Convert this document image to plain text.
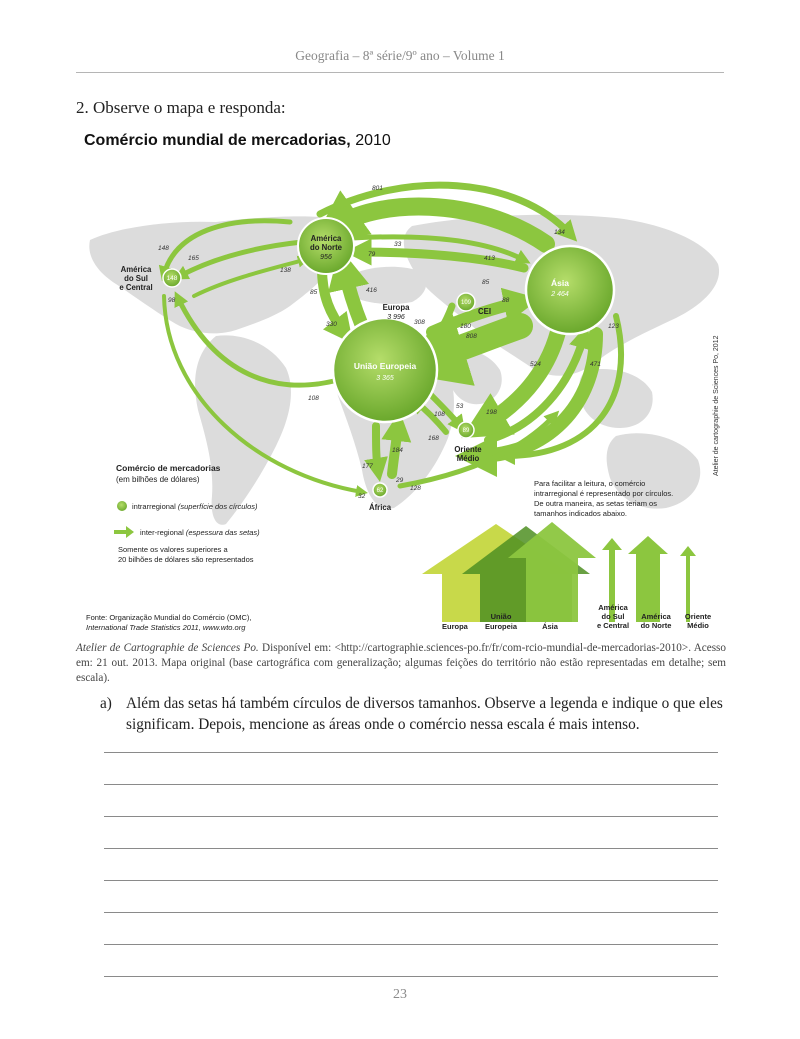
Geografia – 8ª série/9º ano – Volume 1
2. Observe o mapa e responda:
Comércio mundial de mercadorias, 2010
América
do Norte
956
América
do Sul
e Central
148
Europa
3 996
União Europeia
3 365
Ásia
2 464
CEI
109
Oriente
Médio
89
África
62
801
134
33
413
79
148
165
138
85
85
98
416
330	308
88
180
808
123
471
524
108
108
53
198
168
184
177
29
128
32
Atelier de cartographie de Sciences Po, 2012
Comércio de mercadorias
(em bilhões de dólares)
intrarregional (superfície dos círculos)
inter-regional (espessura das setas)
Somente os valores superiores a
20 bilhões de dólares são representados
Para facilitar a leitura, o comércio
intrarregional é representado por círculos.
De outra maneira, as setas teriam os
tamanhos indicados abaixo.
Europa
União
Europeia	Ásia
América
do Sul
e Central
América
do Norte
Oriente
Médio
Fonte: Organização Mundial do Comércio (OMC),
International Trade Statistics 2011, www.wto.org
Atelier de Cartographie de Sciences Po. Disponível em: <http://cartographie.sciences-po.fr/fr/com-rcio-mundial-de-mercadorias-2010>. Acesso em: 21 out. 2013. Mapa original (base cartográfica com generalização; algumas feições do território não estão representadas em detalhe; sem escala).
a) Além das setas há também círculos de diversos tamanhos. Observe a legenda e indique o que eles significam. Depois, mencione as áreas onde o comércio nessa escala é mais intenso.
23
